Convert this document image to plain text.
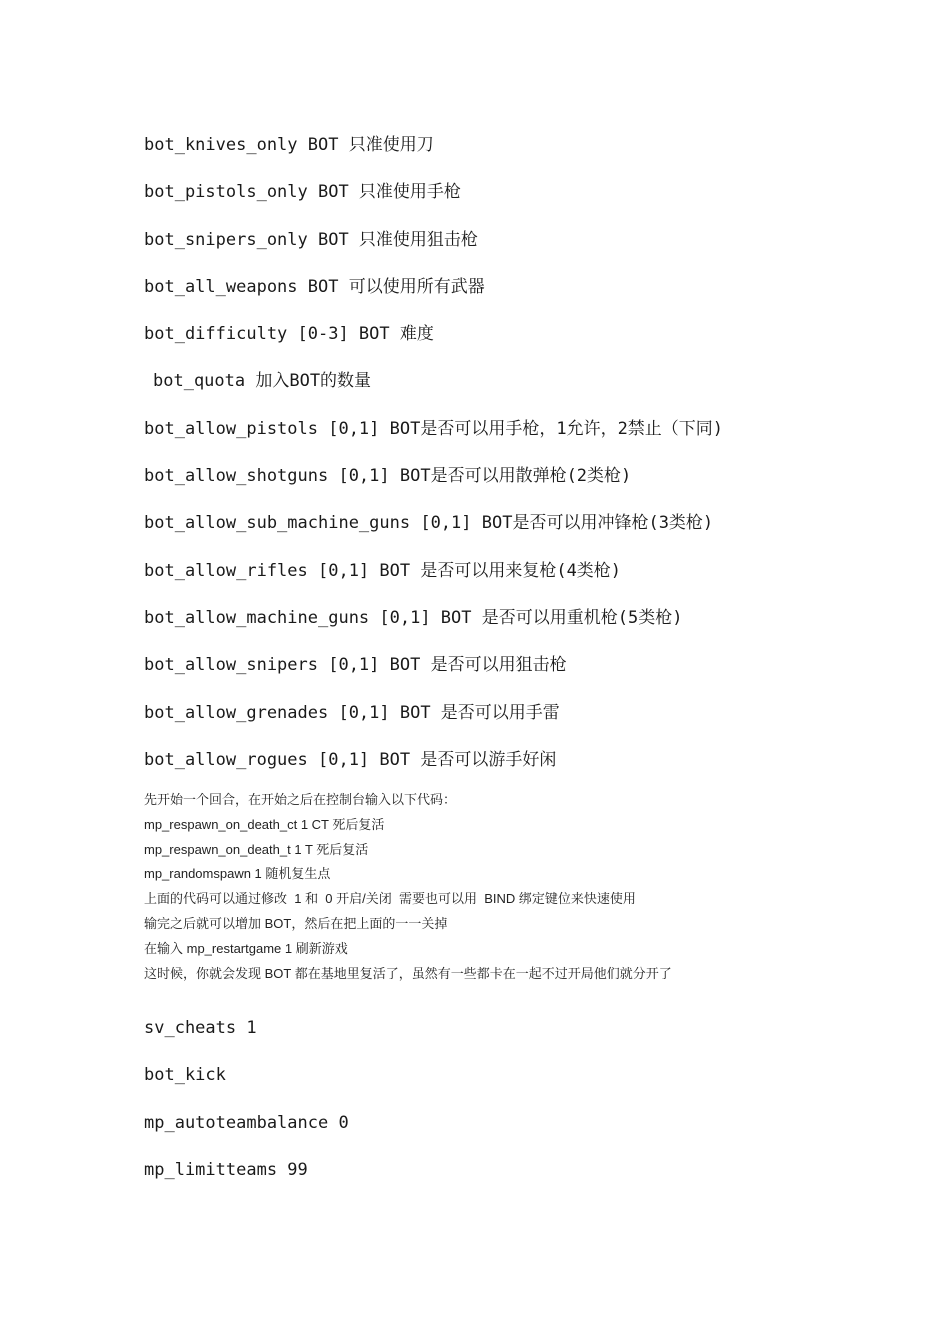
bot_knives_only BOT 只准使用刀
bot_pistols_only BOT 只准使用手枪
bot_snipers_only BOT 只准使用狙击枪
bot_all_weapons BOT 可以使用所有武器
bot_difficulty [0-3] BOT 难度
bot_quota 加入BOT的数量
bot_allow_pistols [0,1] BOT是否可以用手枪，1允许，2禁止（下同)
bot_allow_shotguns [0,1] BOT是否可以用散弹枪(2类枪)
bot_allow_sub_machine_guns [0,1] BOT是否可以用冲锋枪(3类枪)
bot_allow_rifles [0,1] BOT 是否可以用来复枪(4类枪)
bot_allow_machine_guns [0,1] BOT 是否可以用重机枪(5类枪)
bot_allow_snipers [0,1] BOT 是否可以用狙击枪
bot_allow_grenades [0,1] BOT 是否可以用手雷
bot_allow_rogues [0,1] BOT 是否可以游手好闲
先开始一个回合，在开始之后在控制台输入以下代码：
mp_respawn_on_death_ct 1 CT 死后复活
mp_respawn_on_death_t 1 T 死后复活
mp_randomspawn 1 随机复生点
上面的代码可以通过修改  1 和  0 开启/关闭  需要也可以用  BIND 绑定键位来快速使用
输完之后就可以增加 BOT，然后在把上面的一一关掉
在输入 mp_restartgame 1 刷新游戏
这时候，你就会发现 BOT 都在基地里复活了，虽然有一些都卡在一起不过开局他们就分开了
sv_cheats 1
bot_kick
mp_autoteambalance 0
mp_limitteams 99
